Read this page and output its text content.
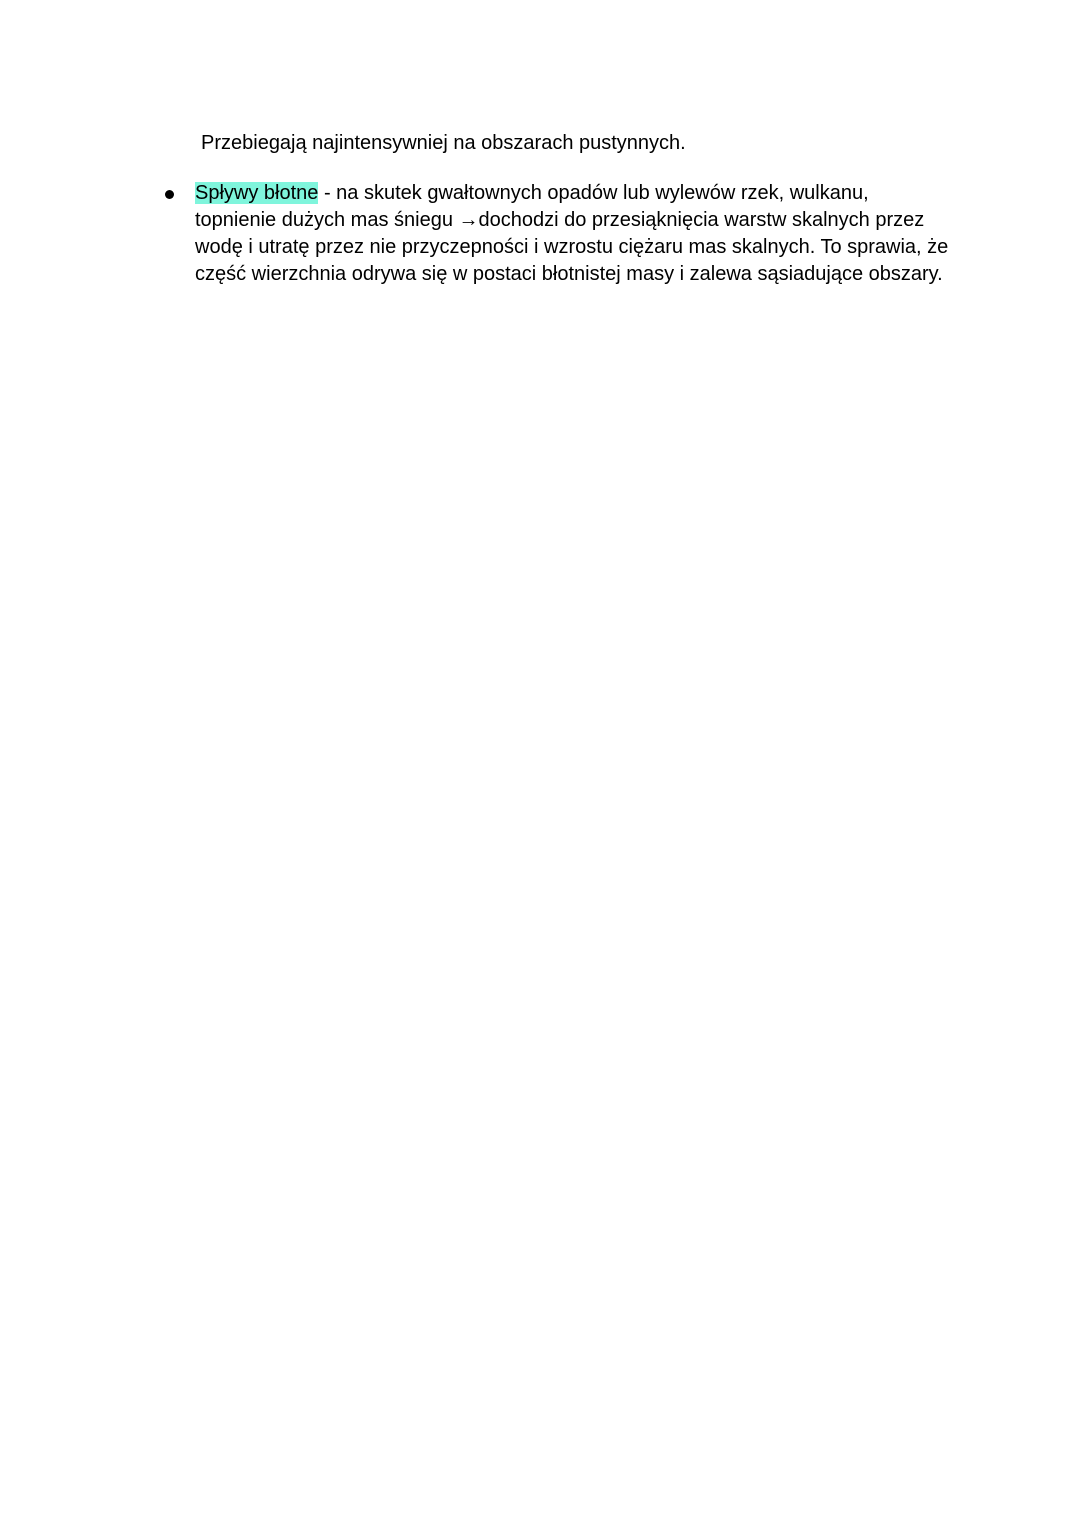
Przebiegają najintensywniej na obszarach pustynnych.

Spływy błotne - na skutek gwałtownych opadów lub wylewów rzek, wulkanu,
topnienie dużych mas śniegu →dochodzi do przesiąknięcia warstw skalnych przez
wodę i utratę przez nie przyczepności i wzrostu ciężaru mas skalnych. To sprawia, że
część wierzchnia odrywa się w postaci błotnistej masy i zalewa sąsiadujące obszary.
